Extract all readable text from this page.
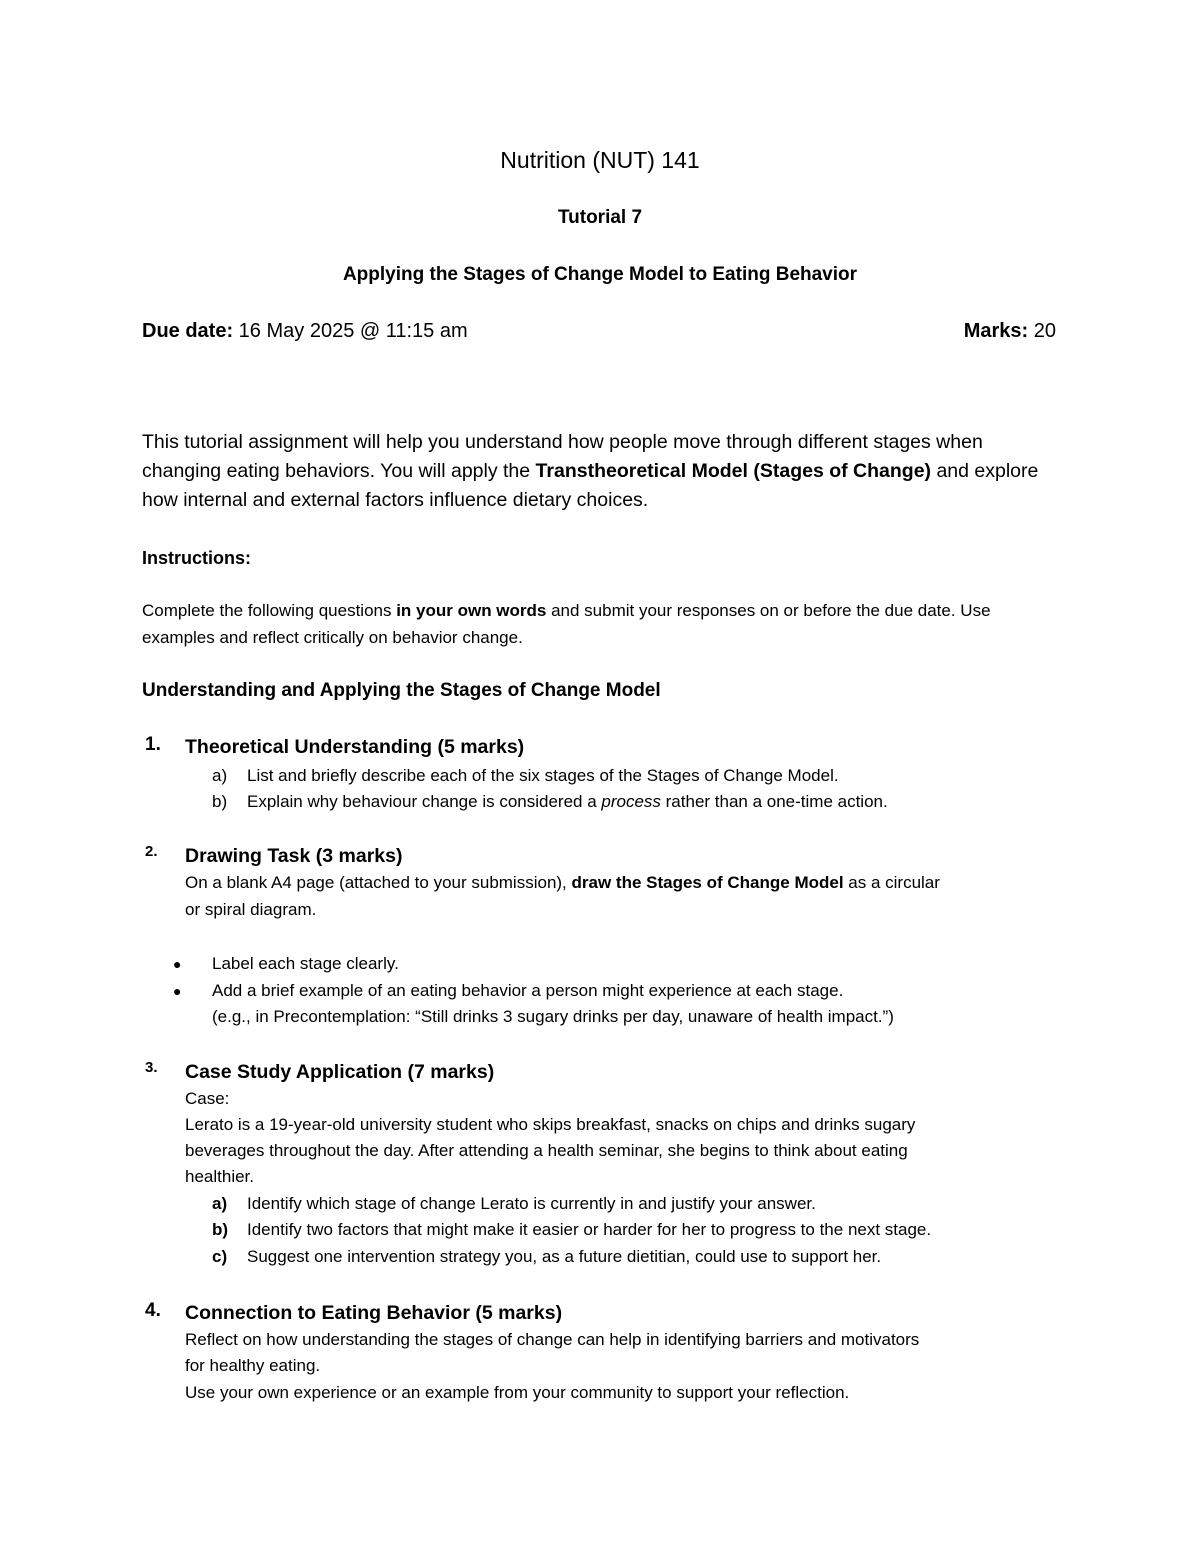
Nutrition (NUT) 141
Tutorial 7
Applying the Stages of Change Model to Eating Behavior
Due date: 16 May 2025 @ 11:15 am	Marks: 20
This tutorial assignment will help you understand how people move through different stages when changing eating behaviors. You will apply the Transtheoretical Model (Stages of Change) and explore how internal and external factors influence dietary choices.
Instructions:
Complete the following questions in your own words and submit your responses on or before the due date. Use examples and reflect critically on behavior change.
Understanding and Applying the Stages of Change Model
1. Theoretical Understanding (5 marks)
a) List and briefly describe each of the six stages of the Stages of Change Model.
b) Explain why behaviour change is considered a process rather than a one-time action.
2. Drawing Task (3 marks)
On a blank A4 page (attached to your submission), draw the Stages of Change Model as a circular
or spiral diagram.
● Label each stage clearly.
● Add a brief example of an eating behavior a person might experience at each stage.
(e.g., in Precontemplation: “Still drinks 3 sugary drinks per day, unaware of health impact.”)
3. Case Study Application (7 marks)
Case:
Lerato is a 19-year-old university student who skips breakfast, snacks on chips and drinks sugary
beverages throughout the day. After attending a health seminar, she begins to think about eating
healthier.
a) Identify which stage of change Lerato is currently in and justify your answer.
b) Identify two factors that might make it easier or harder for her to progress to the next stage.
c) Suggest one intervention strategy you, as a future dietitian, could use to support her.
4. Connection to Eating Behavior (5 marks)
Reflect on how understanding the stages of change can help in identifying barriers and motivators
for healthy eating.
Use your own experience or an example from your community to support your reflection.
